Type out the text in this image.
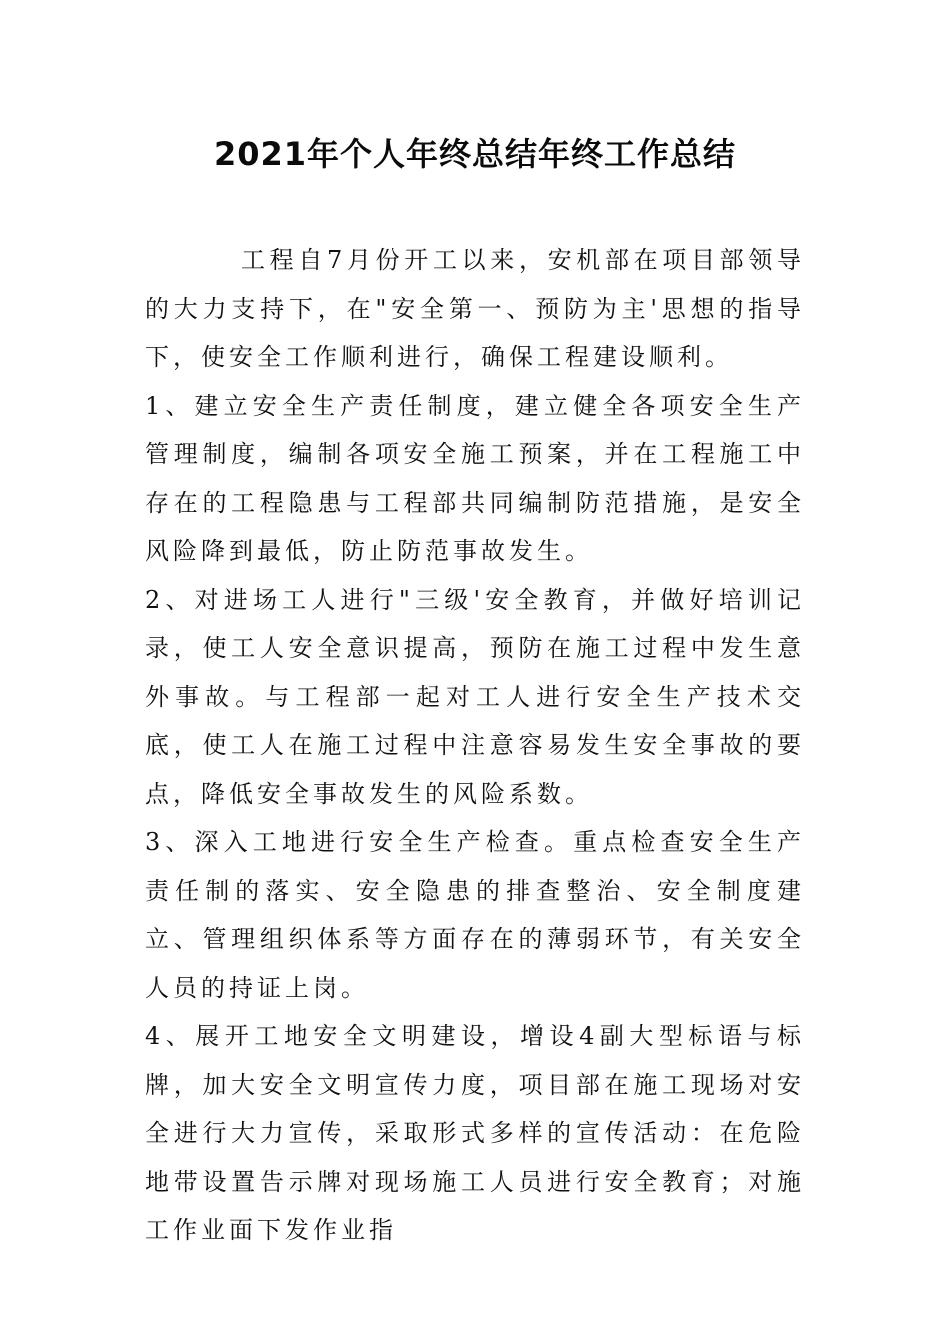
2021年个人年终总结年终工作总结

工程自7月份开工以来，安机部在项目部领导的大力支持下，在"安全第一、预防为主'思想的指导下，使安全工作顺利进行，确保工程建设顺利。

1、建立安全生产责任制度，建立健全各项安全生产管理制度，编制各项安全施工预案，并在工程施工中存在的工程隐患与工程部共同编制防范措施，是安全风险降到最低，防止防范事故发生。

2、对进场工人进行"三级'安全教育，并做好培训记录，使工人安全意识提高，预防在施工过程中发生意外事故。与工程部一起对工人进行安全生产技术交底，使工人在施工过程中注意容易发生安全事故的要点，降低安全事故发生的风险系数。

3、深入工地进行安全生产检查。重点检查安全生产责任制的落实、安全隐患的排查整治、安全制度建立、管理组织体系等方面存在的薄弱环节，有关安全人员的持证上岗。

4、展开工地安全文明建设，增设4副大型标语与标牌，加大安全文明宣传力度，项目部在施工现场对安全进行大力宣传，采取形式多样的宣传活动：在危险地带设置告示牌对现场施工人员进行安全教育；对施工作业面下发作业指
